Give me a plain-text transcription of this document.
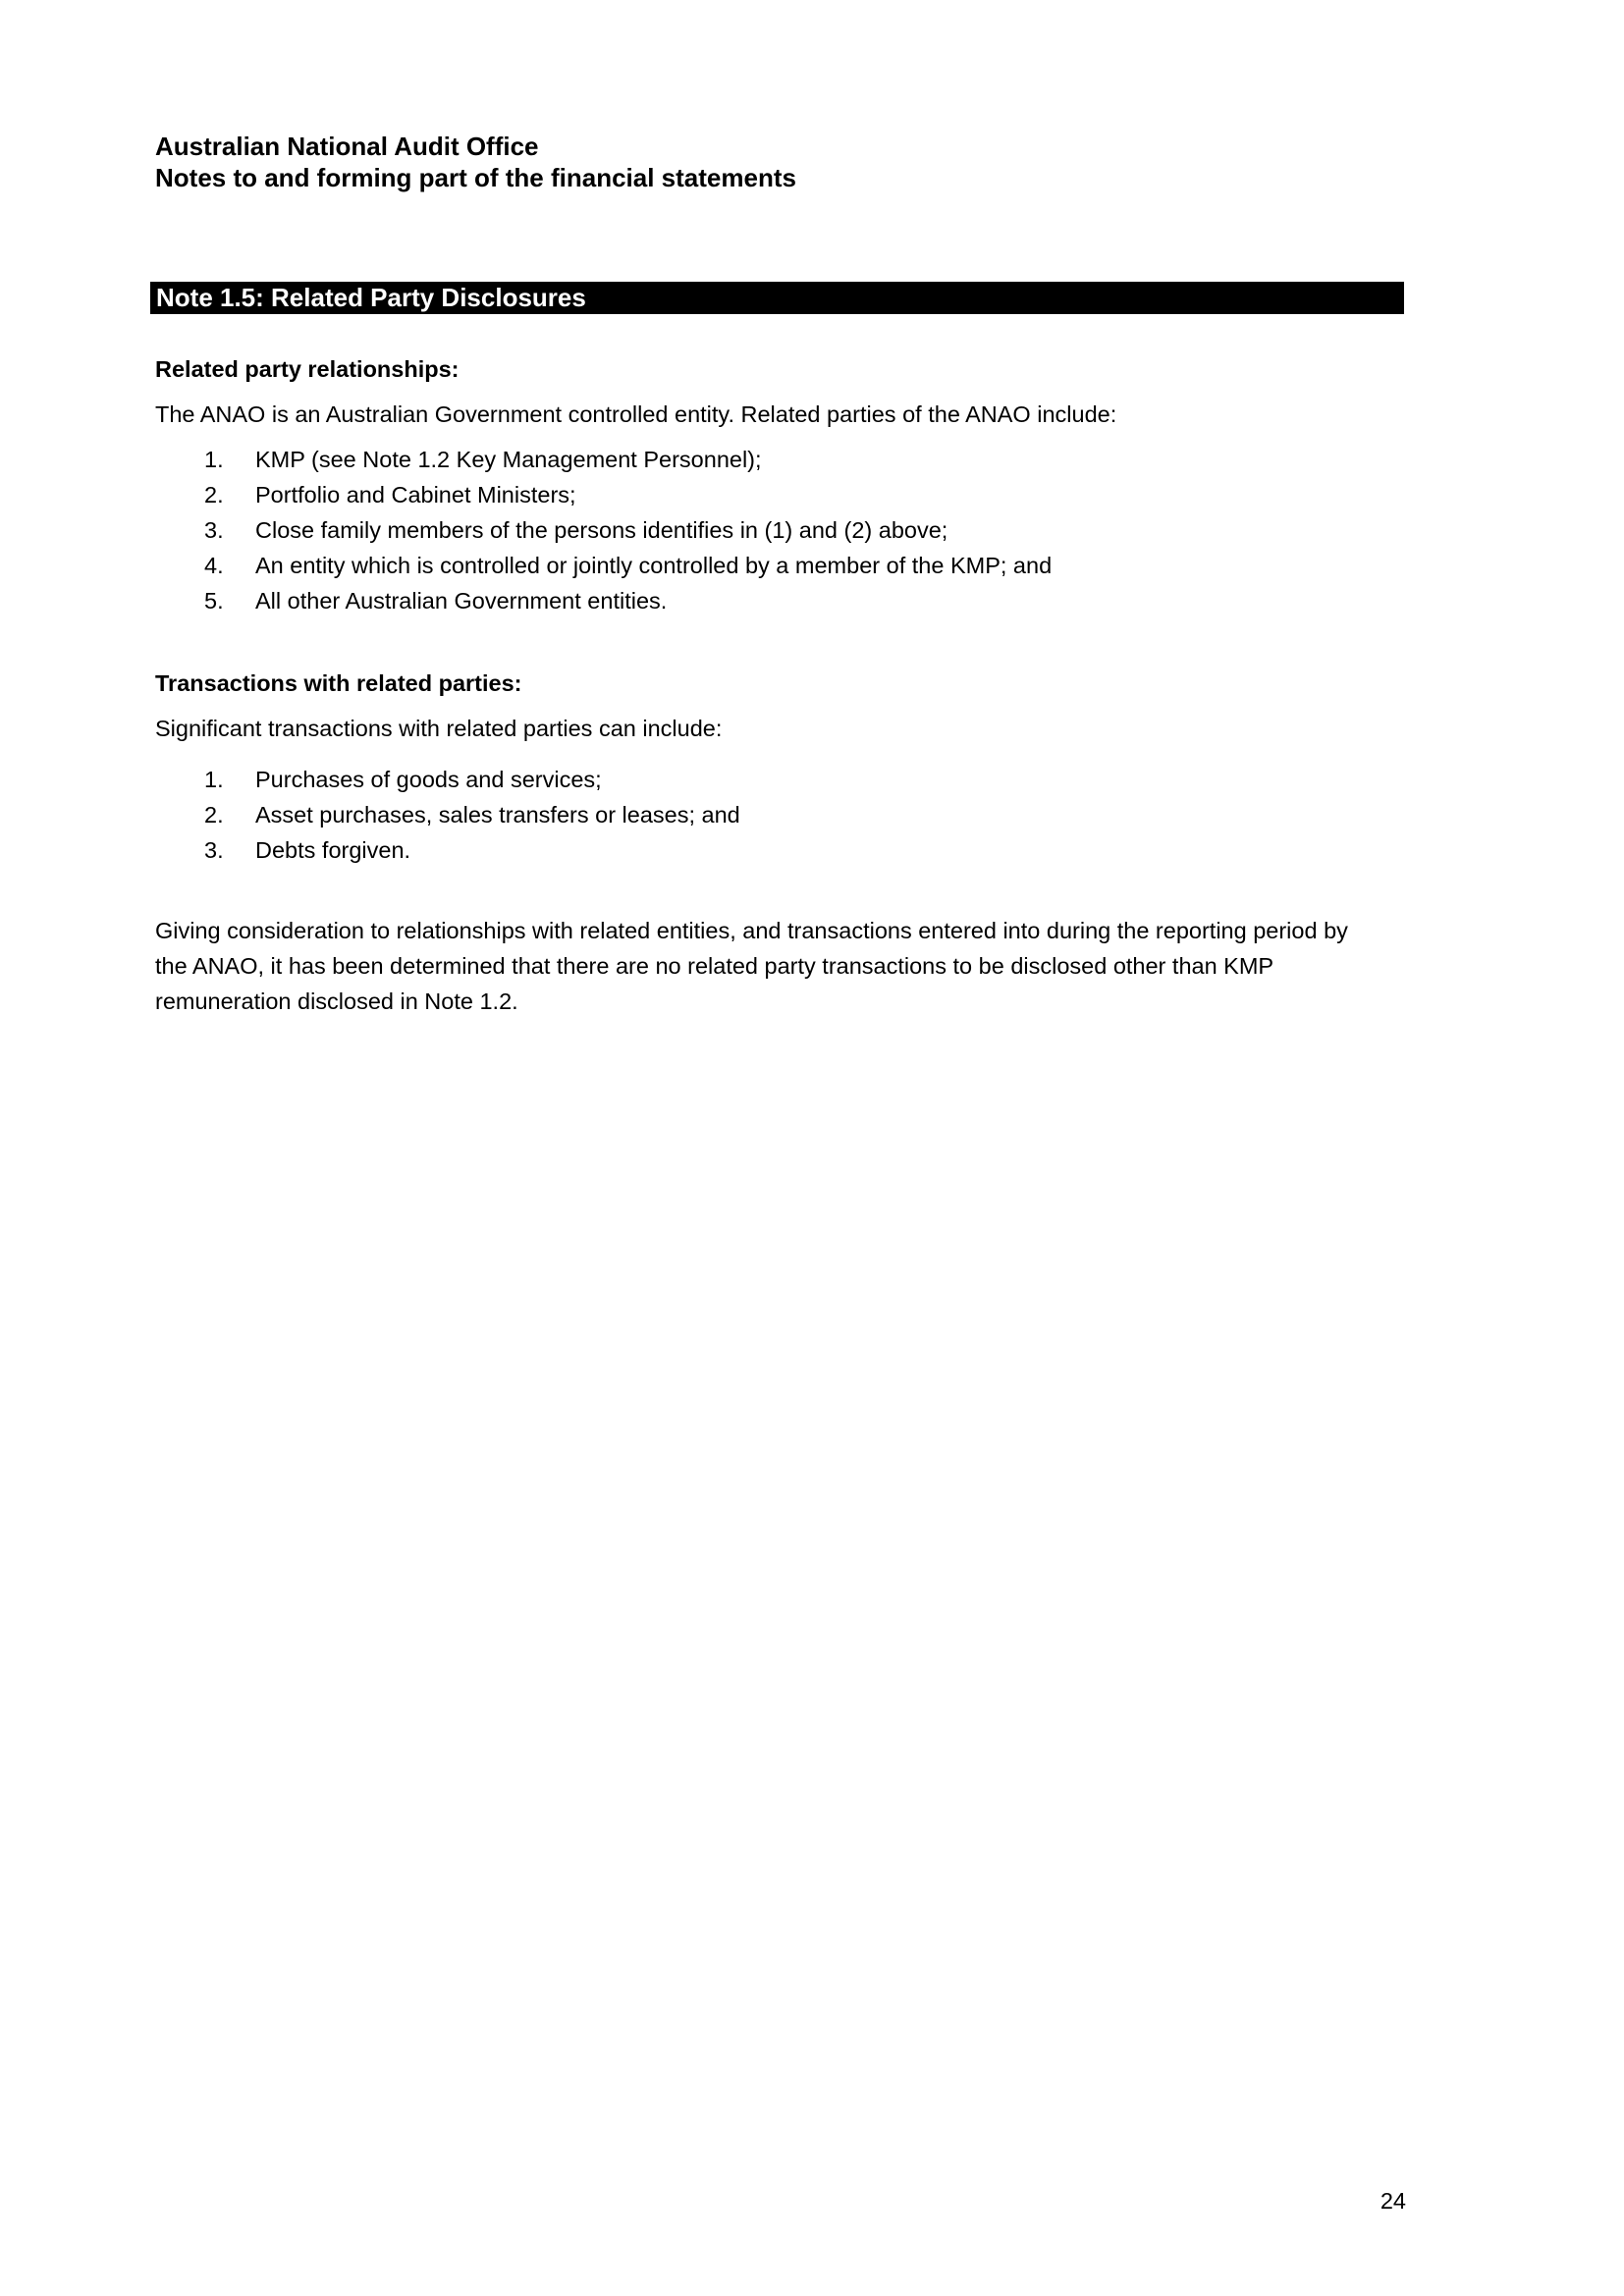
Australian National Audit Office
Notes to and forming part of the financial statements
Note 1.5: Related Party Disclosures

Related party relationships:

The ANAO is an Australian Government controlled entity. Related parties of the ANAO include:

1. KMP (see Note 1.2 Key Management Personnel);
2. Portfolio and Cabinet Ministers;
3. Close family members of the persons identifies in (1) and (2) above;
4. An entity which is controlled or jointly controlled by a member of the KMP; and
5. All other Australian Government entities.

Transactions with related parties:

Significant transactions with related parties can include:

1. Purchases of goods and services;
2. Asset purchases, sales transfers or leases; and
3. Debts forgiven.

Giving consideration to relationships with related entities, and transactions entered into during the reporting period by the ANAO, it has been determined that there are no related party transactions to be disclosed other than KMP remuneration disclosed in Note 1.2.

24
